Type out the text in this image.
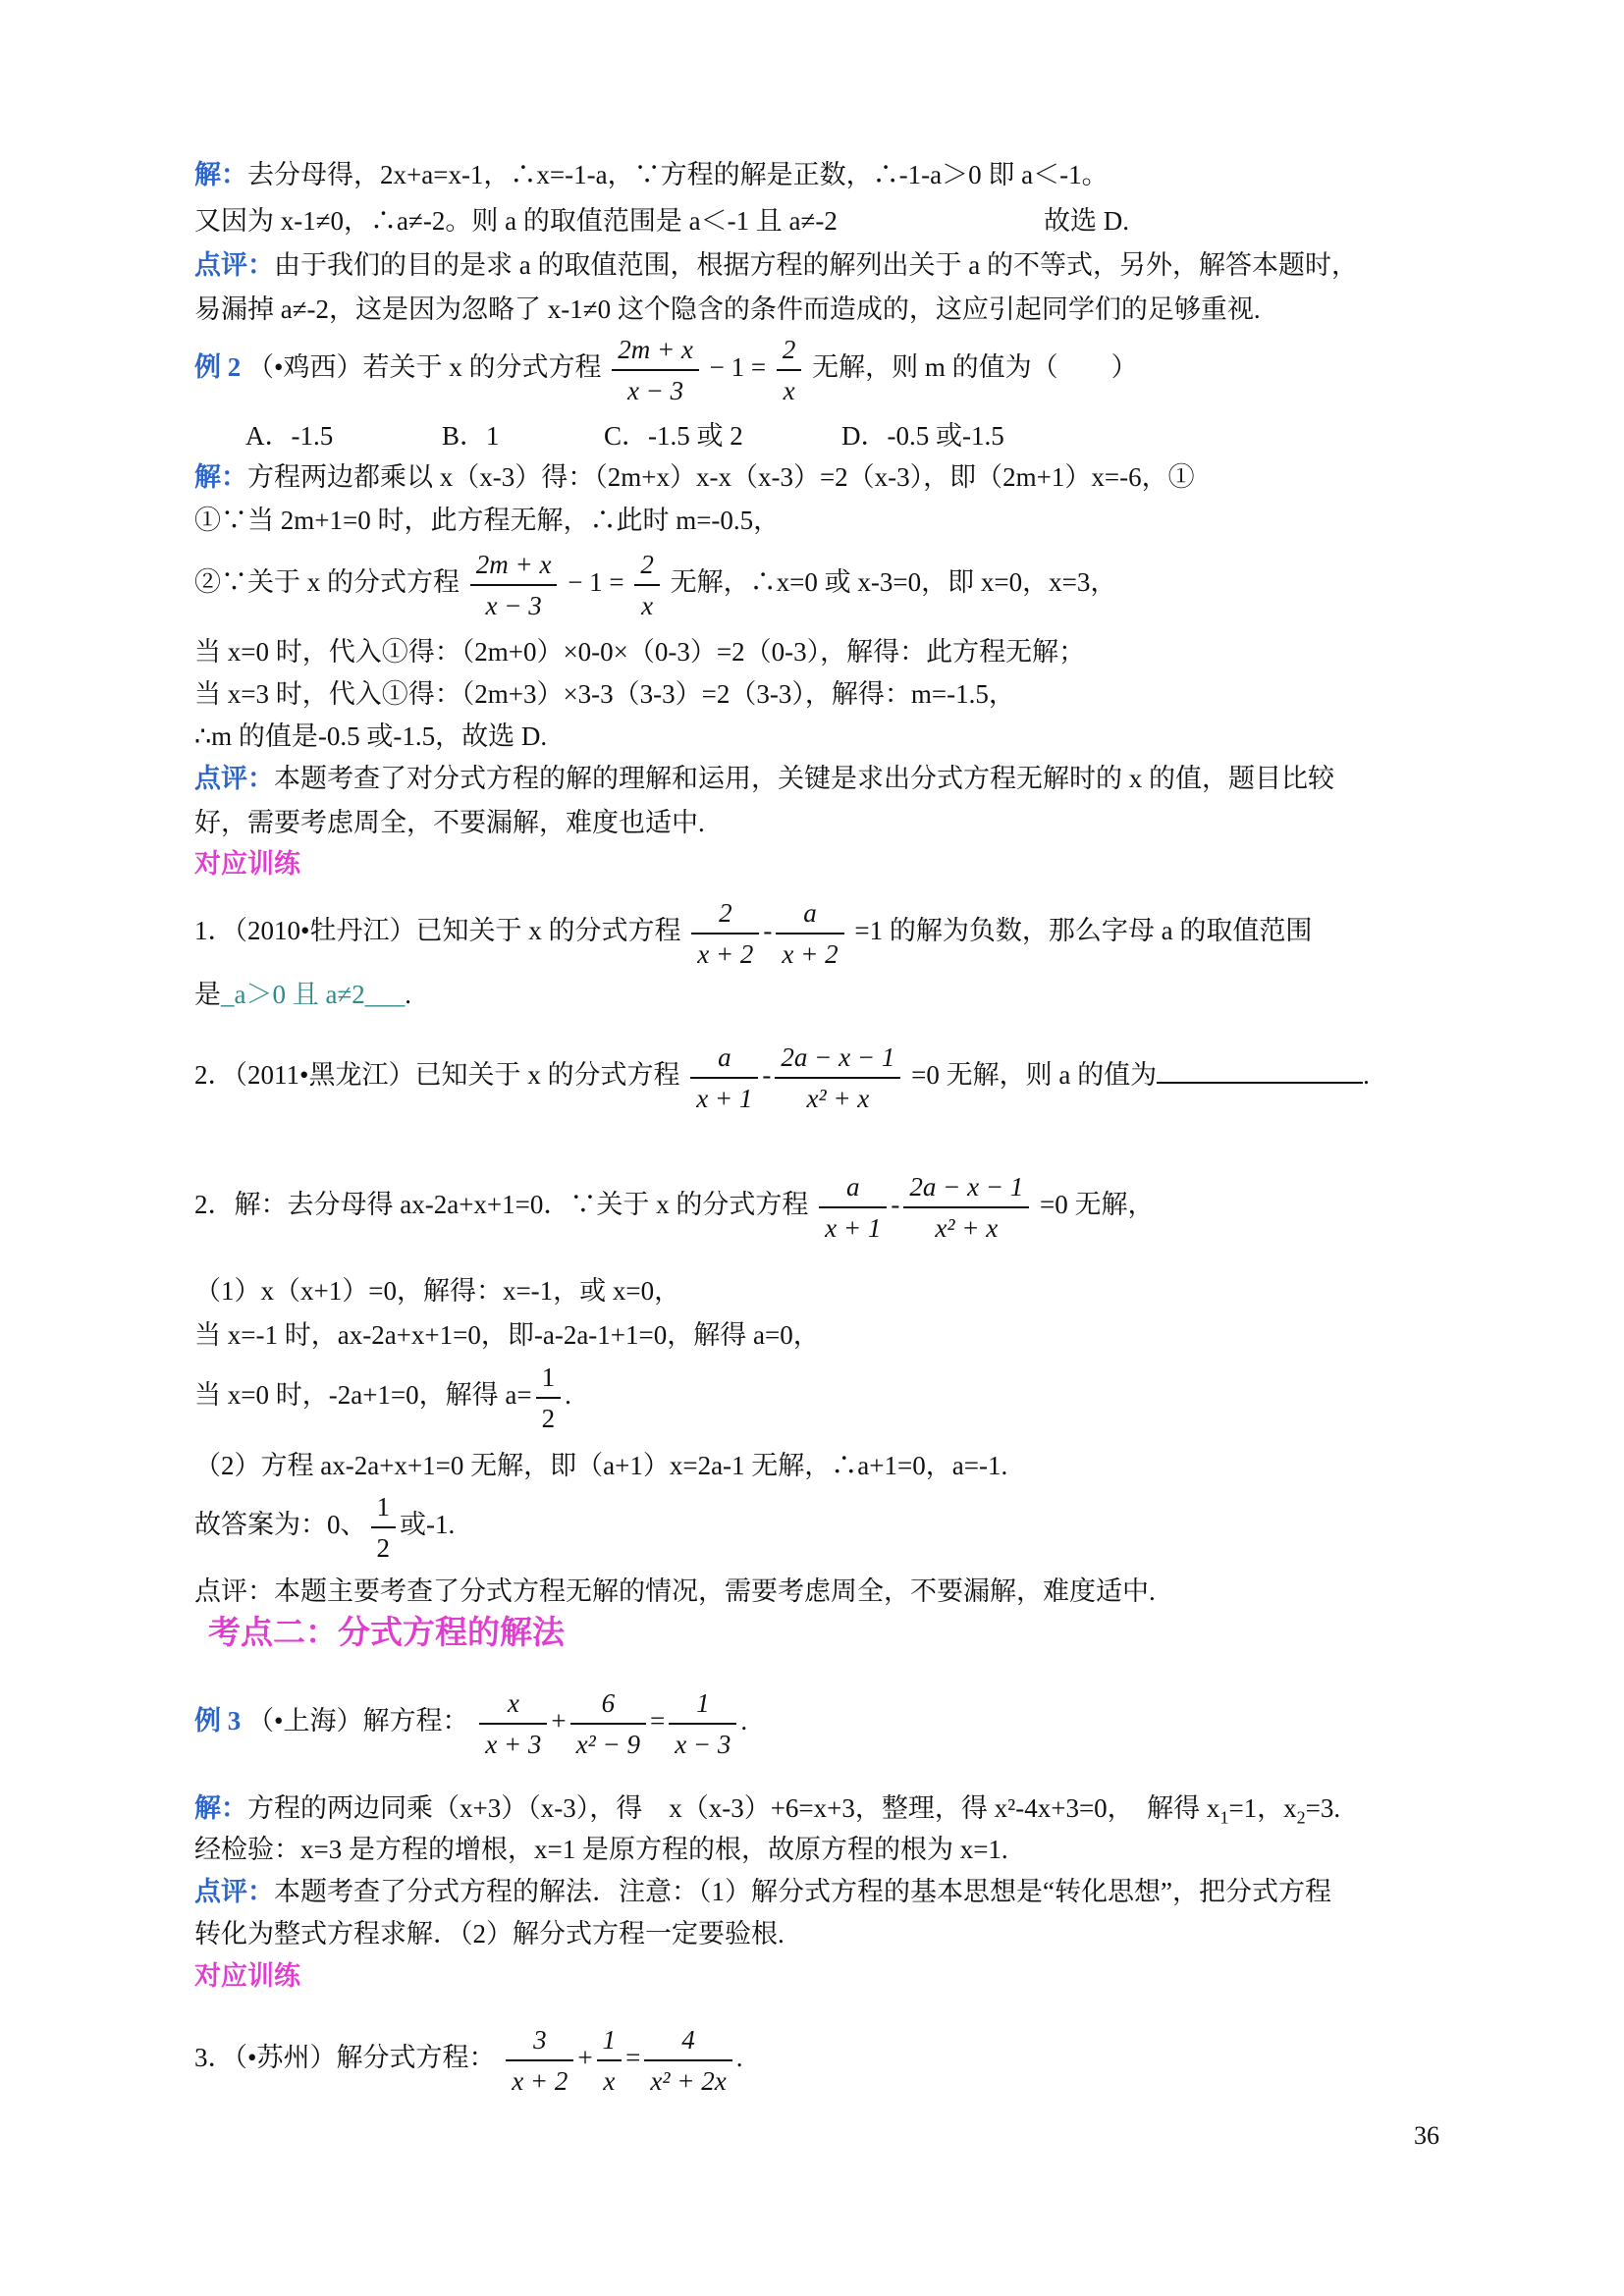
解：去分母得，2x+a=x-1，∴x=-1-a，∵方程的解是正数，∴-1-a＞0 即 a＜-1。
又因为 x-1≠0，∴a≠-2。则 a 的取值范围是 a＜-1 且 a≠-2	故选 D.
点评：由于我们的目的是求 a 的取值范围，根据方程的解列出关于 a 的不等式，另外，解答本题时，
易漏掉 a≠-2，这是因为忽略了 x-1≠0 这个隐含的条件而造成的，这应引起同学们的足够重视.
例 2 （•鸡西）若关于 x 的分式方程 $\frac{2m + x}{x - 3} - 1 = \frac{2}{x}$ 无解，则 m 的值为（　　）
A．-1.5	B．1	C．-1.5 或 2	D．-0.5 或-1.5
解：方程两边都乘以 x（x-3）得：（2m+x）x-x（x-3）=2（x-3），即（2m+1）x=-6，①
①∵当 2m+1=0 时，此方程无解，∴此时 m=-0.5，
②∵关于 x 的分式方程 $\frac{2m + x}{x - 3} - 1 = \frac{2}{x}$ 无解，∴x=0 或 x-3=0，即 x=0，x=3，
当 x=0 时，代入①得：（2m+0）×0-0×（0-3）=2（0-3），解得：此方程无解；
当 x=3 时，代入①得：（2m+3）×3-3（3-3）=2（3-3），解得：m=-1.5，
∴m 的值是-0.5 或-1.5，故选 D.
点评：本题考查了对分式方程的解的理解和运用，关键是求出分式方程无解时的 x 的值，题目比较
好，需要考虑周全，不要漏解，难度也适中.
对应训练
1．（2010•牡丹江）已知关于 x 的分式方程 $\frac{2}{x + 2} - \frac{a}{x + 2} =1$ 的解为负数，那么字母 a 的取值范围
是_a＞0 且 a≠2___.
2．（2011•黑龙江）已知关于 x 的分式方程 $\frac{a}{x + 1} - \frac{2a - x - 1}{\text{x² + x}} =0$ 无解，则 a 的值为	.
2．解：去分母得 ax-2a+x+1=0．∵关于 x 的分式方程 $\frac{a}{x + 1} - \frac{2a - x - 1}{\text{x² + x}} =0$ 无解，
（1）x（x+1）=0，解得：x=-1，或 x=0，
当 x=-1 时，ax-2a+x+1=0，即-a-2a-1+1=0，解得 a=0，
当 x=0 时，-2a+1=0，解得 $a= \frac{1}{2}$ .
（2）方程 ax-2a+x+1=0 无解，即（a+1）x=2a-1 无解，∴a+1=0，a=-1.
故答案为：0、 $\frac{1}{2}$ 或-1.
点评：本题主要考查了分式方程无解的情况，需要考虑周全，不要漏解，难度适中.
考点二：分式方程的解法
例 3 （•上海）解方程： $\frac{x}{x + 3} + \frac{6}{\text{x² − 9}} = \frac{1}{x - 3}$ .
解：方程的两边同乘（x+3）（x-3），得　x（x-3）+6=x+3，整理，得 x²-4x+3=0，　解得 $x_1=1$，$x_2=3$.
经检验：x=3 是方程的增根，x=1 是原方程的根，故原方程的根为 x=1.
点评：本题考查了分式方程的解法．注意：（1）解分式方程的基本思想是“转化思想”，把分式方程
转化为整式方程求解．（2）解分式方程一定要验根.
对应训练
3．（•苏州）解分式方程： $\frac{3}{x + 2} + \frac{1}{x} = \frac{4}{\text{x² + 2x}}$ .
36
